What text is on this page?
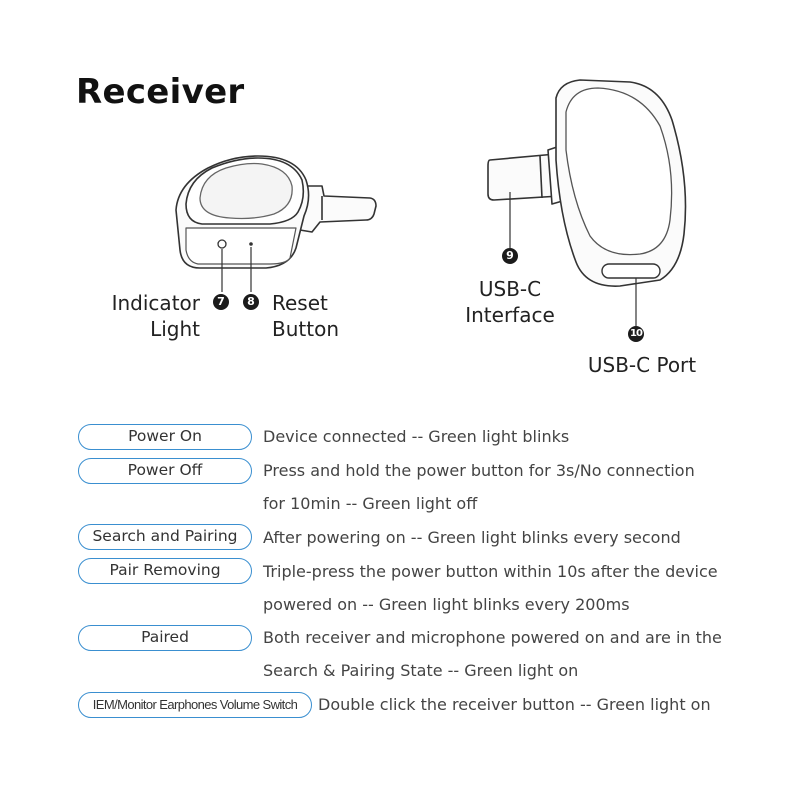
Receiver
Indicator
Light
7	8 Reset
Button
9
USB-C
Interface
10
USB-C Port
Power On	Device connected -- Green light blinks
Power Off	Press and hold the power button for 3s/No connection
for 10min -- Green light off
Search and Pairing	After powering on -- Green light blinks every second
Pair Removing	Triple-press the power button within 10s after the device
powered on -- Green light blinks every 200ms
Paired	Both receiver and microphone powered on and are in the
Search & Pairing State -- Green light on
IEM/Monitor Earphones Volume Switch	Double click the receiver button -- Green light on
